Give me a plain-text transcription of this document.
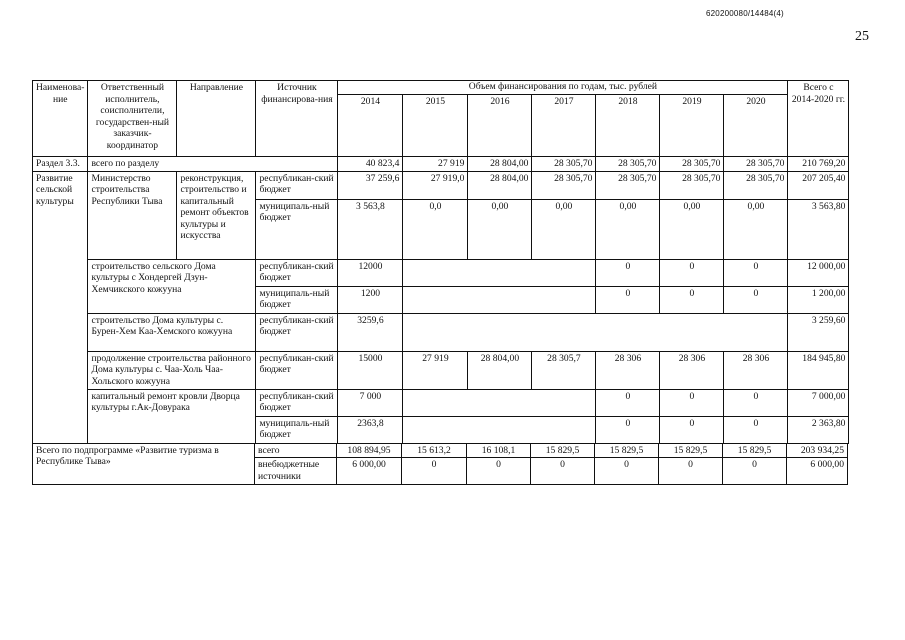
620200080/14484(4)
25
Наименова-ние	Ответственный исполнитель, соисполнители, государствен-ный заказчик-координатор	Направление	Источник финансирова-ния	Объем финансирования по годам, тыс. рублей							Всего с 2014-2020 гг.
				2014	2015	2016	2017	2018	2019	2020	
Раздел 3.3.	всего по разделу			40 823,4	27 919	28 804,00	28 305,70	28 305,70	28 305,70	28 305,70	210 769,20
Развитие сельской культуры	Министерство строительства Республики Тыва	реконструкция, строительство и капитальный ремонт объектов культуры и искусства	республикан-ский бюджет	37 259,6	27 919,0	28 804,00	28 305,70	28 305,70	28 305,70	28 305,70	207 205,40
			муниципаль-ный бюджет	3 563,8	0,0	0,00	0,00	0,00	0,00	0,00	3 563,80
	строительство сельского Дома культуры с Хондергей Дзун-Хемчикского кожууна		республикан-ский бюджет	12000				0	0	0	12 000,00
			муниципаль-ный бюджет	1200				0	0	0	1 200,00
	строительство Дома культуры с. Бурен-Хем Каа-Хемского кожууна		республикан-ский бюджет	3259,6							3 259,60
	продолжение строительства районного Дома культуры с. Чаа-Холь Чаа-Хольского кожууна		республикан-ский бюджет	15000	27 919	28 804,00	28 305,7	28 306	28 306	28 306	184 945,80
	капитальный ремонт кровли Дворца культуры г.Ак-Довурака		республикан-ский бюджет	7 000				0	0	0	7 000,00
			муниципаль-ный бюджет	2363,8				0	0	0	2 363,80
Всего по подпрограмме «Развитие туризма в Республике Тыва»	всего	108 894,95	15 613,2	16 108,1	15 829,5	15 829,5	15 829,5	15 829,5	203 934,25
	внебюджетные источники	6 000,00	0	0	0	0	0	0	6 000,00
